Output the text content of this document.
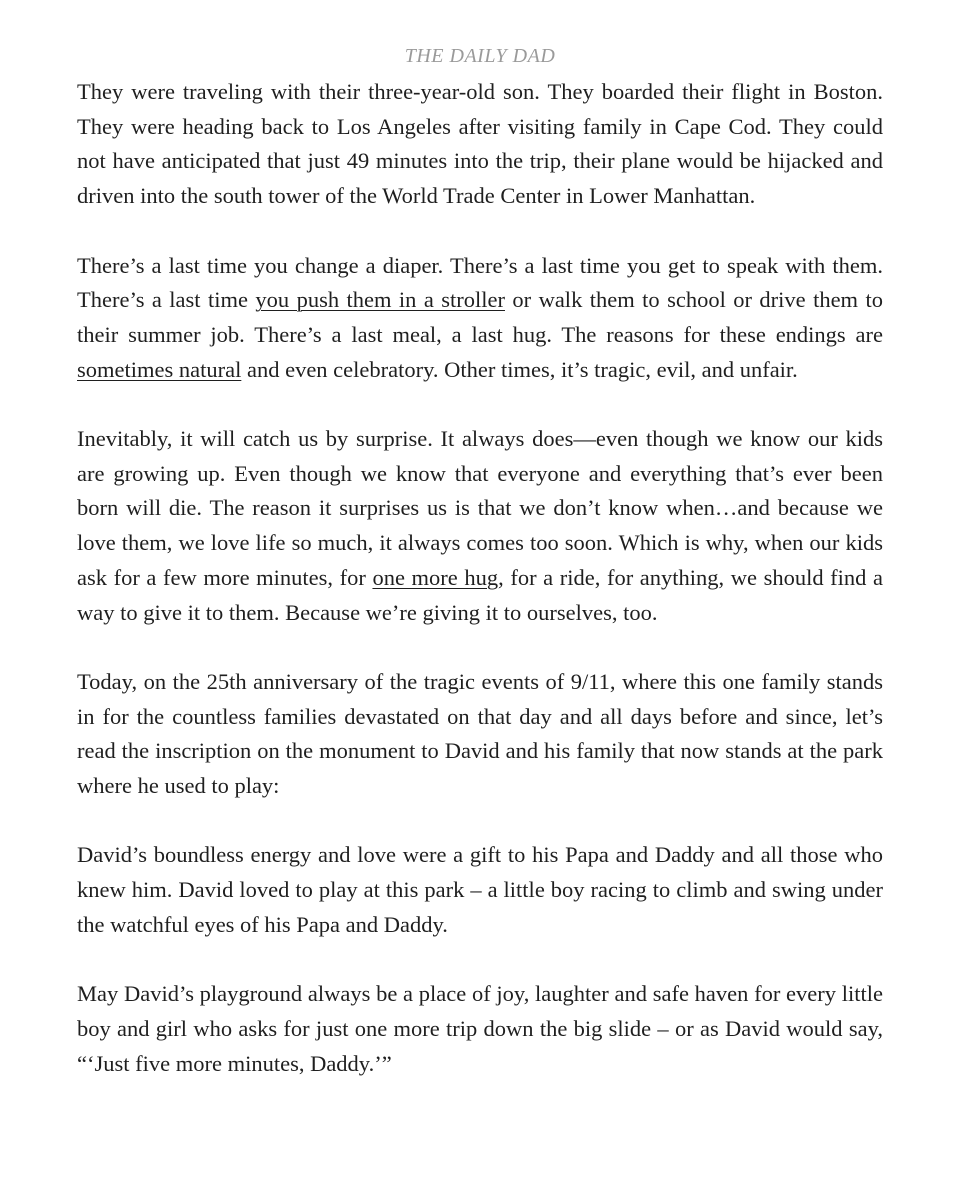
THE DAILY DAD

They were traveling with their three-year-old son. They boarded their flight in Boston. They were heading back to Los Angeles after visiting family in Cape Cod. They could not have anticipated that just 49 minutes into the trip, their plane would be hijacked and driven into the south tower of the World Trade Center in Lower Manhattan.

There’s a last time you change a diaper. There’s a last time you get to speak with them. There’s a last time you push them in a stroller or walk them to school or drive them to their summer job. There’s a last meal, a last hug. The reasons for these endings are sometimes natural and even celebratory. Other times, it’s tragic, evil, and unfair.

Inevitably, it will catch us by surprise. It always does—even though we know our kids are growing up. Even though we know that everyone and everything that’s ever been born will die. The reason it surprises us is that we don’t know when…and because we love them, we love life so much, it always comes too soon. Which is why, when our kids ask for a few more minutes, for one more hug, for a ride, for anything, we should find a way to give it to them. Because we’re giving it to ourselves, too.

Today, on the 25th anniversary of the tragic events of 9/11, where this one family stands in for the countless families devastated on that day and all days before and since, let’s read the inscription on the monument to David and his family that now stands at the park where he used to play:

David’s boundless energy and love were a gift to his Papa and Daddy and all those who knew him. David loved to play at this park – a little boy racing to climb and swing under the watchful eyes of his Papa and Daddy.

May David’s playground always be a place of joy, laughter and safe haven for every little boy and girl who asks for just one more trip down the big slide – or as David would say, “‘Just five more minutes, Daddy.’”
